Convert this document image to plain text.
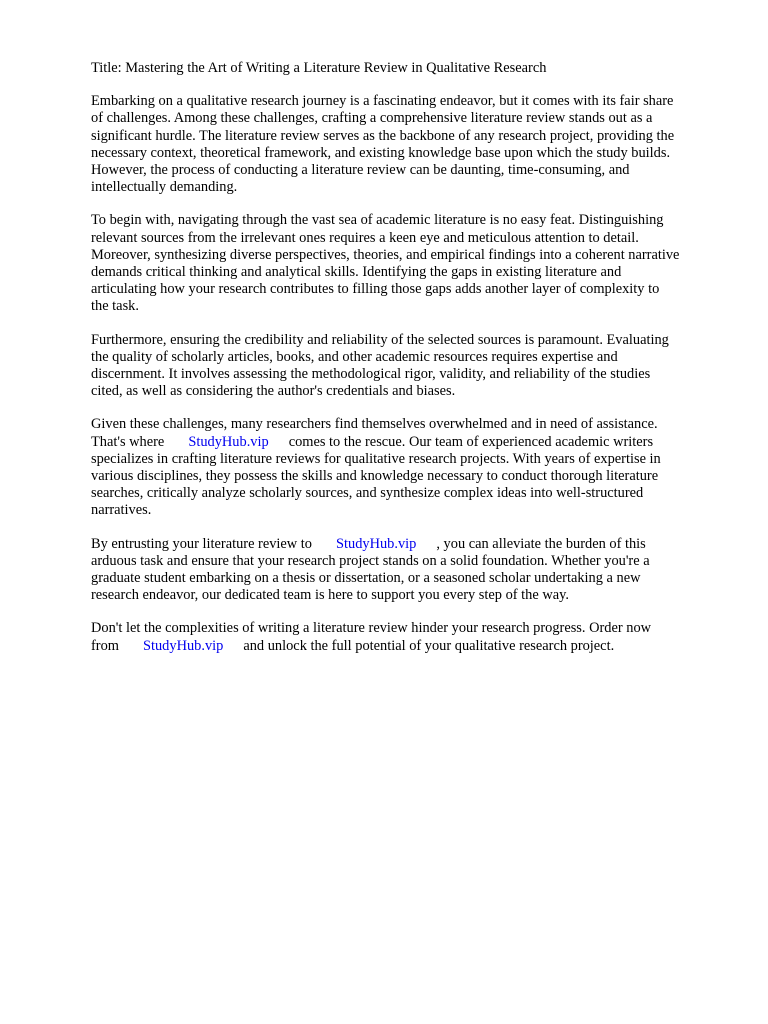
Title: Mastering the Art of Writing a Literature Review in Qualitative Research

Embarking on a qualitative research journey is a fascinating endeavor, but it comes with its fair share
of challenges. Among these challenges, crafting a comprehensive literature review stands out as a
significant hurdle. The literature review serves as the backbone of any research project, providing the
necessary context, theoretical framework, and existing knowledge base upon which the study builds.
However, the process of conducting a literature review can be daunting, time-consuming, and
intellectually demanding.

To begin with, navigating through the vast sea of academic literature is no easy feat. Distinguishing
relevant sources from the irrelevant ones requires a keen eye and meticulous attention to detail.
Moreover, synthesizing diverse perspectives, theories, and empirical findings into a coherent narrative
demands critical thinking and analytical skills. Identifying the gaps in existing literature and
articulating how your research contributes to filling those gaps adds another layer of complexity to
the task.

Furthermore, ensuring the credibility and reliability of the selected sources is paramount. Evaluating
the quality of scholarly articles, books, and other academic resources requires expertise and
discernment. It involves assessing the methodological rigor, validity, and reliability of the studies
cited, as well as considering the author's credentials and biases.

Given these challenges, many researchers find themselves overwhelmed and in need of assistance.
That's where StudyHub.vip comes to the rescue. Our team of experienced academic writers
specializes in crafting literature reviews for qualitative research projects. With years of expertise in
various disciplines, they possess the skills and knowledge necessary to conduct thorough literature
searches, critically analyze scholarly sources, and synthesize complex ideas into well-structured
narratives.

By entrusting your literature review to StudyHub.vip , you can alleviate the burden of this
arduous task and ensure that your research project stands on a solid foundation. Whether you're a
graduate student embarking on a thesis or dissertation, or a seasoned scholar undertaking a new
research endeavor, our dedicated team is here to support you every step of the way.

Don't let the complexities of writing a literature review hinder your research progress. Order now
from StudyHub.vip and unlock the full potential of your qualitative research project.
